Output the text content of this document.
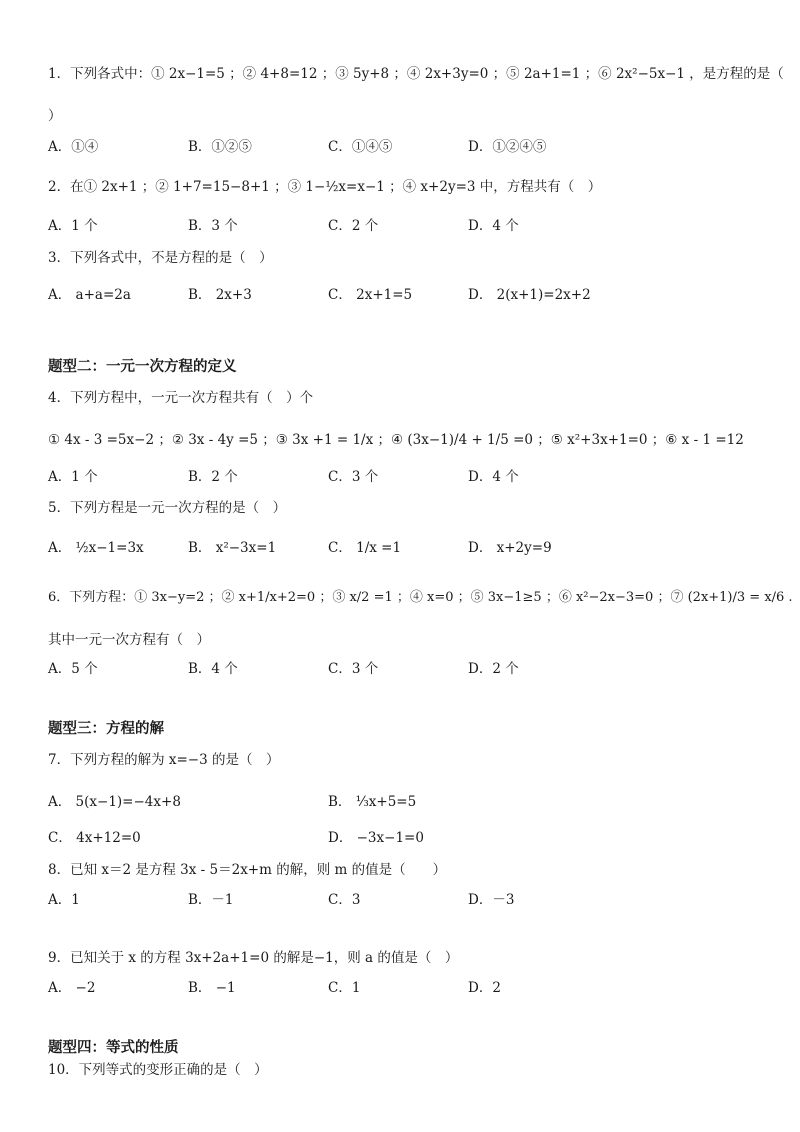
1．下列各式中：① 2x−1=5 ；② 4+8=12 ；③ 5y+8 ；④ 2x+3y=0 ；⑤ 2a+1=1 ；⑥ 2x²−5x−1 ，是方程的是（
）
A．①④	B．①②⑤	C．①④⑤	D．①②④⑤
2．在① 2x+1 ；② 1+7=15−8+1 ；③ 1−½x=x−1 ；④ x+2y=3 中，方程共有（　）
A．1 个	B．3 个	C．2 个	D．4 个
3．下列各式中，不是方程的是（　）
A． a+a=2a	B． 2x+3	C． 2x+1=5	D． 2(x+1)=2x+2
题型二：一元一次方程的定义
4．下列方程中，一元一次方程共有（　）个
① 4x - 3 =5x−2 ；② 3x - 4y =5 ；③ 3x +1 = 1/x ；④ (3x−1)/4 + 1/5 =0 ；⑤ x²+3x+1=0 ；⑥ x - 1 =12
A．1 个	B．2 个	C．3 个	D．4 个
5．下列方程是一元一次方程的是（　）
A． ½x−1=3x	B． x²−3x=1	C． 1/x =1	D． x+2y=9
6．下列方程：① 3x−y=2 ；② x+1/x+2=0 ；③ x/2 =1 ；④ x=0 ；⑤ 3x−1≥5 ；⑥ x²−2x−3=0 ；⑦ (2x+1)/3 = x/6 .
其中一元一次方程有（　）
A．5 个	B．4 个	C．3 个	D．2 个
题型三：方程的解
7．下列方程的解为 x=−3 的是（　）
A． 5(x−1)=−4x+8	B． ⅓x+5=5
C． 4x+12=0	D． −3x−1=0
8．已知 x＝2 是方程 3x - 5＝2x+m 的解，则 m 的值是（　　）
A．1	B．－1	C．3	D．－3
9．已知关于 x 的方程 3x+2a+1=0 的解是−1，则 a 的值是（　）
A． −2	B． −1	C．1	D．2
题型四：等式的性质
10．下列等式的变形正确的是（　）
